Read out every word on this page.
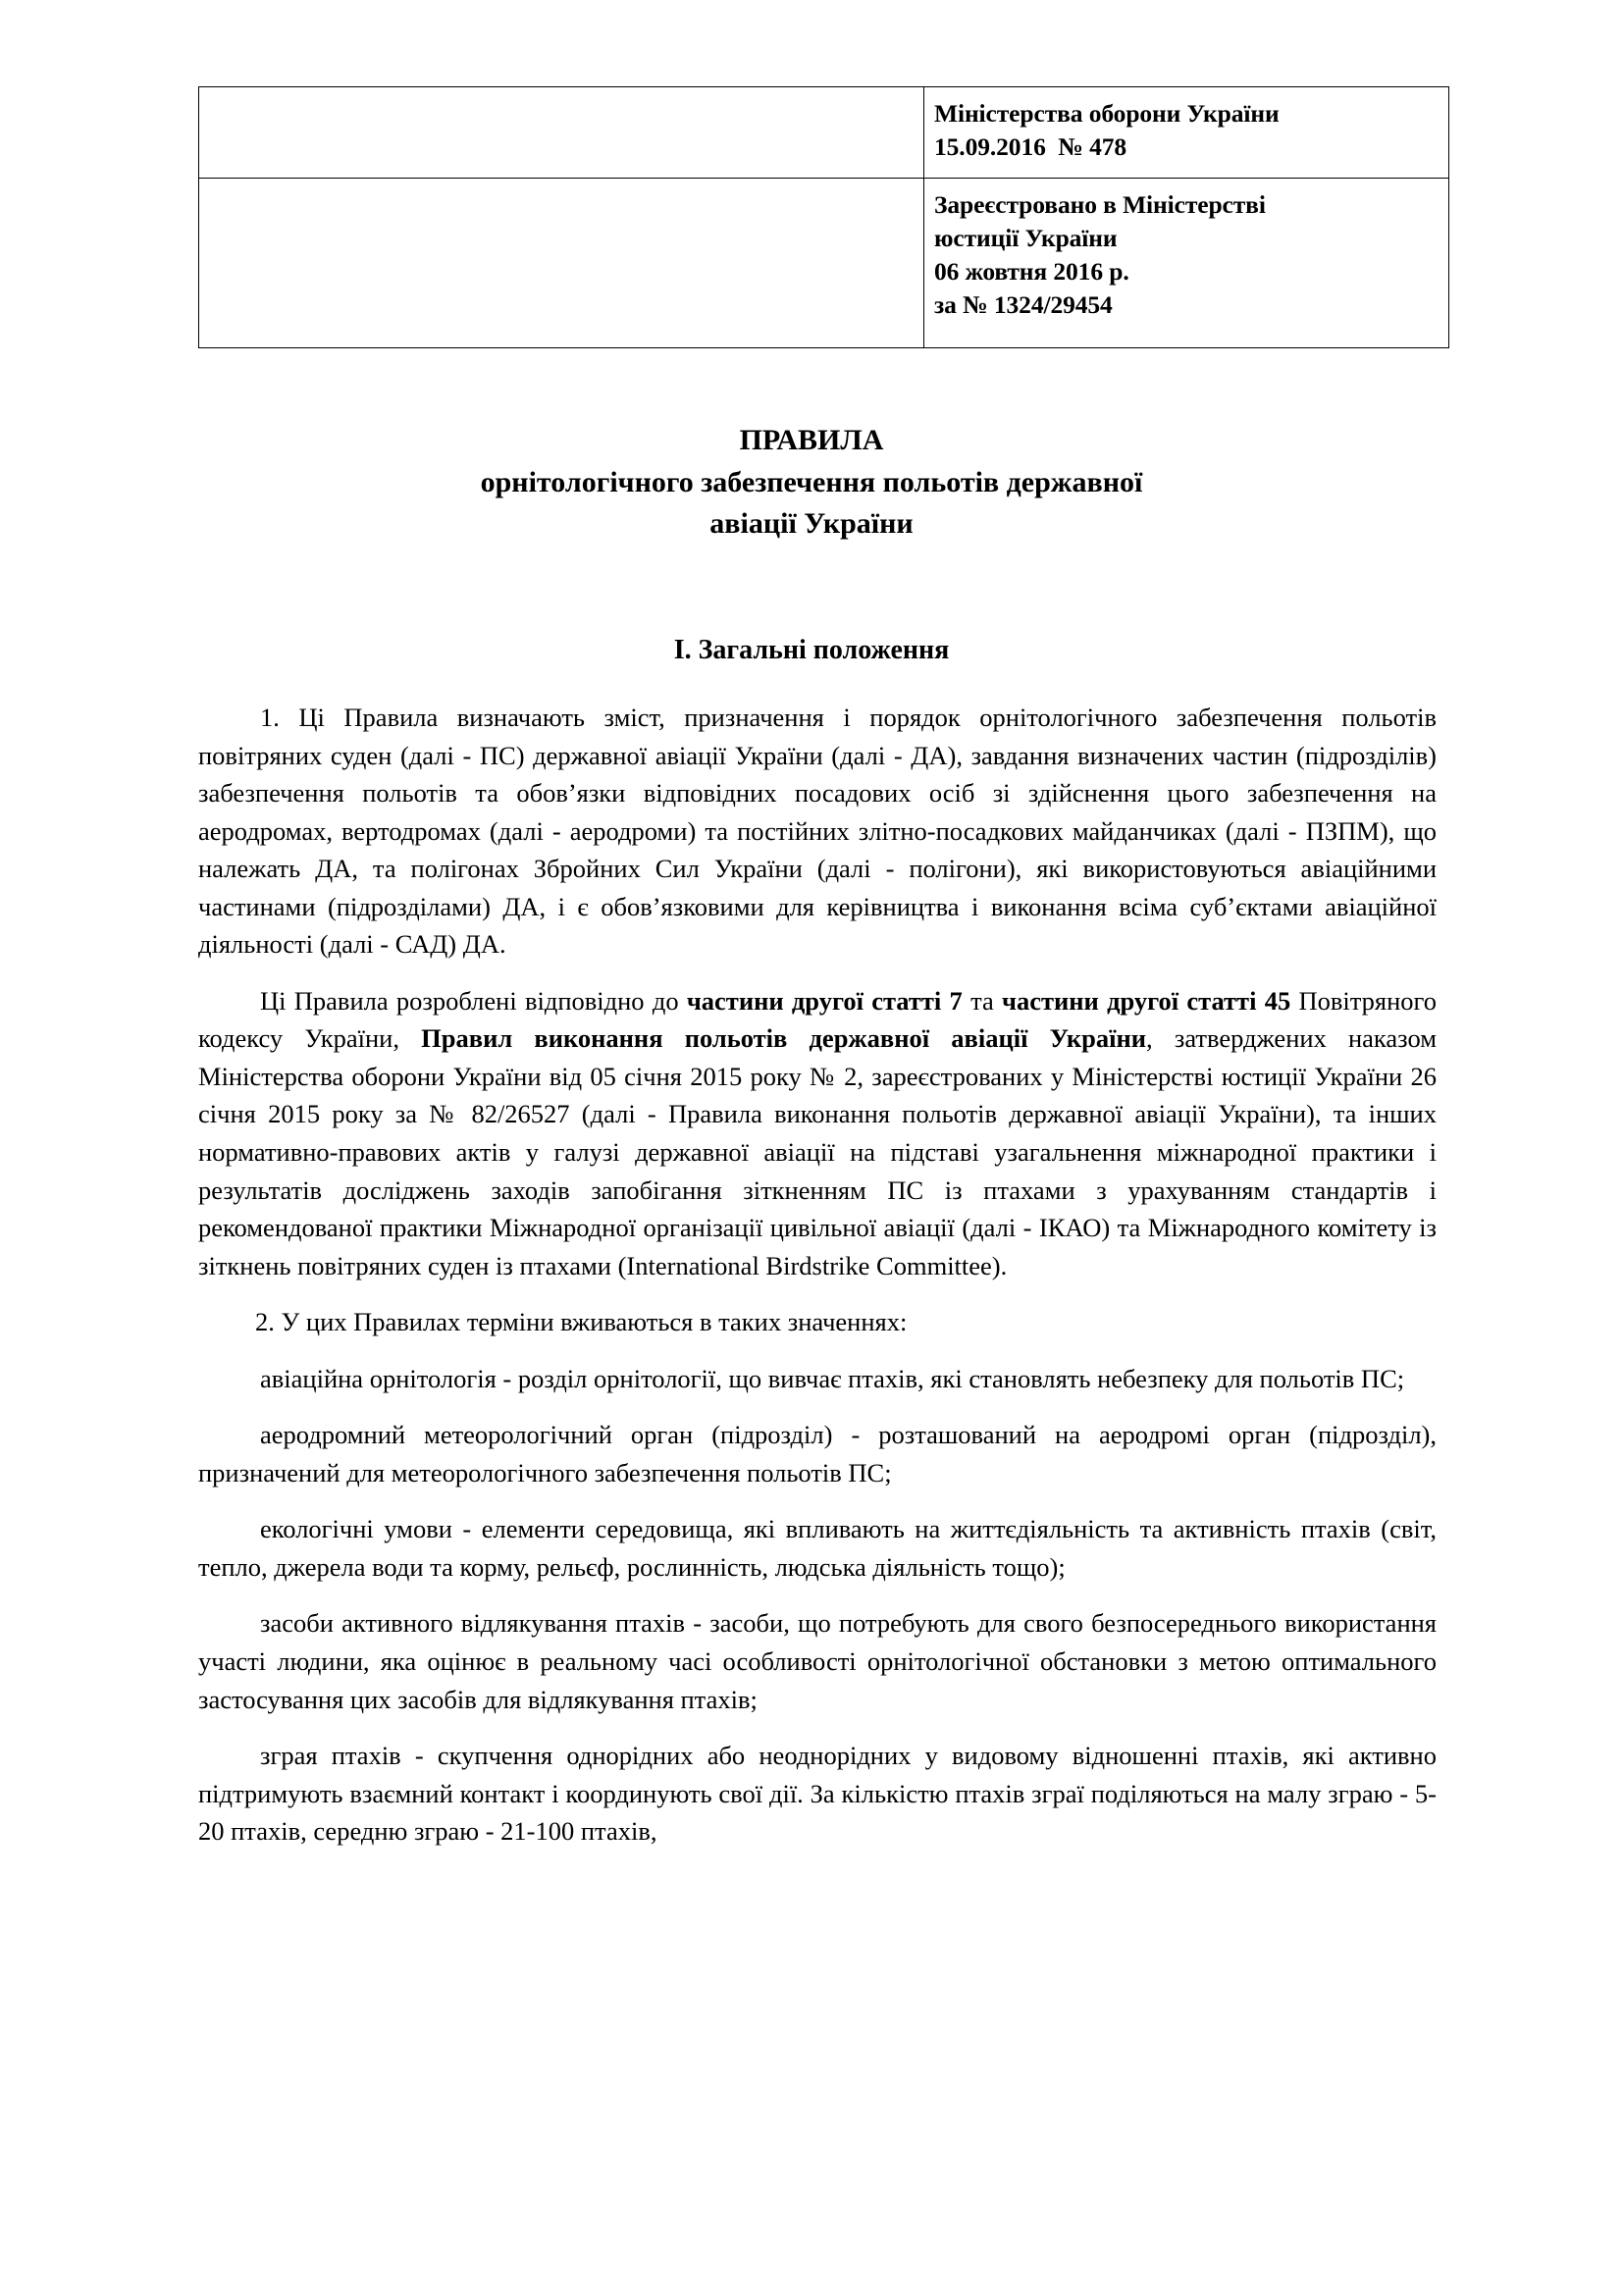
	Міністерства оборони України
15.09.2016  № 478

	Зареєстровано в Міністерстві
юстиції України
06 жовтня 2016 р.
за № 1324/29454
ПРАВИЛА
орнітологічного забезпечення польотів державної
авіації України
І. Загальні положення

1. Ці Правила визначають зміст, призначення і порядок орнітологічного забезпечення польотів повітряних суден (далі - ПС) державної авіації України (далі - ДА), завдання визначених частин (підрозділів) забезпечення польотів та обов’язки відповідних посадових осіб зі здійснення цього забезпечення на аеродромах, вертодромах (далі - аеродроми) та постійних злітно-посадкових майданчиках (далі - ПЗПМ), що належать ДА, та полігонах Збройних Сил України (далі - полігони), які використовуються авіаційними частинами (підрозділами) ДА, і є обов’язковими для керівництва і виконання всіма суб’єктами авіаційної діяльності (далі - САД) ДА.

Ці Правила розроблені відповідно до частини другої статті 7 та частини другої статті 45 Повітряного кодексу України, Правил виконання польотів державної авіації України, затверджених наказом Міністерства оборони України від 05 січня 2015 року № 2, зареєстрованих у Міністерстві юстиції України 26 січня 2015 року за № 82/26527 (далі - Правила виконання польотів державної авіації України), та інших нормативно-правових актів у галузі державної авіації на підставі узагальнення міжнародної практики і результатів досліджень заходів запобігання зіткненням ПС із птахами з урахуванням стандартів і рекомендованої практики Міжнародної організації цивільної авіації (далі - ІКАО) та Міжнародного комітету із зіткнень повітряних суден із птахами (International Birdstrike Committee).

2. У цих Правилах терміни вживаються в таких значеннях:

авіаційна орнітологія - розділ орнітології, що вивчає птахів, які становлять небезпеку для польотів ПС;

аеродромний метеорологічний орган (підрозділ) - розташований на аеродромі орган (підрозділ), призначений для метеорологічного забезпечення польотів ПС;

екологічні умови - елементи середовища, які впливають на життєдіяльність та активність птахів (світ, тепло, джерела води та корму, рельєф, рослинність, людська діяльність тощо);

засоби активного відлякування птахів - засоби, що потребують для свого безпосереднього використання участі людини, яка оцінює в реальному часі особливості орнітологічної обстановки з метою оптимального застосування цих засобів для відлякування птахів;

зграя птахів - скупчення однорідних або неоднорідних у видовому відношенні птахів, які активно підтримують взаємний контакт і координують свої дії. За кількістю птахів зграї поділяються на малу зграю - 5-20 птахів, середню зграю - 21-100 птахів,
